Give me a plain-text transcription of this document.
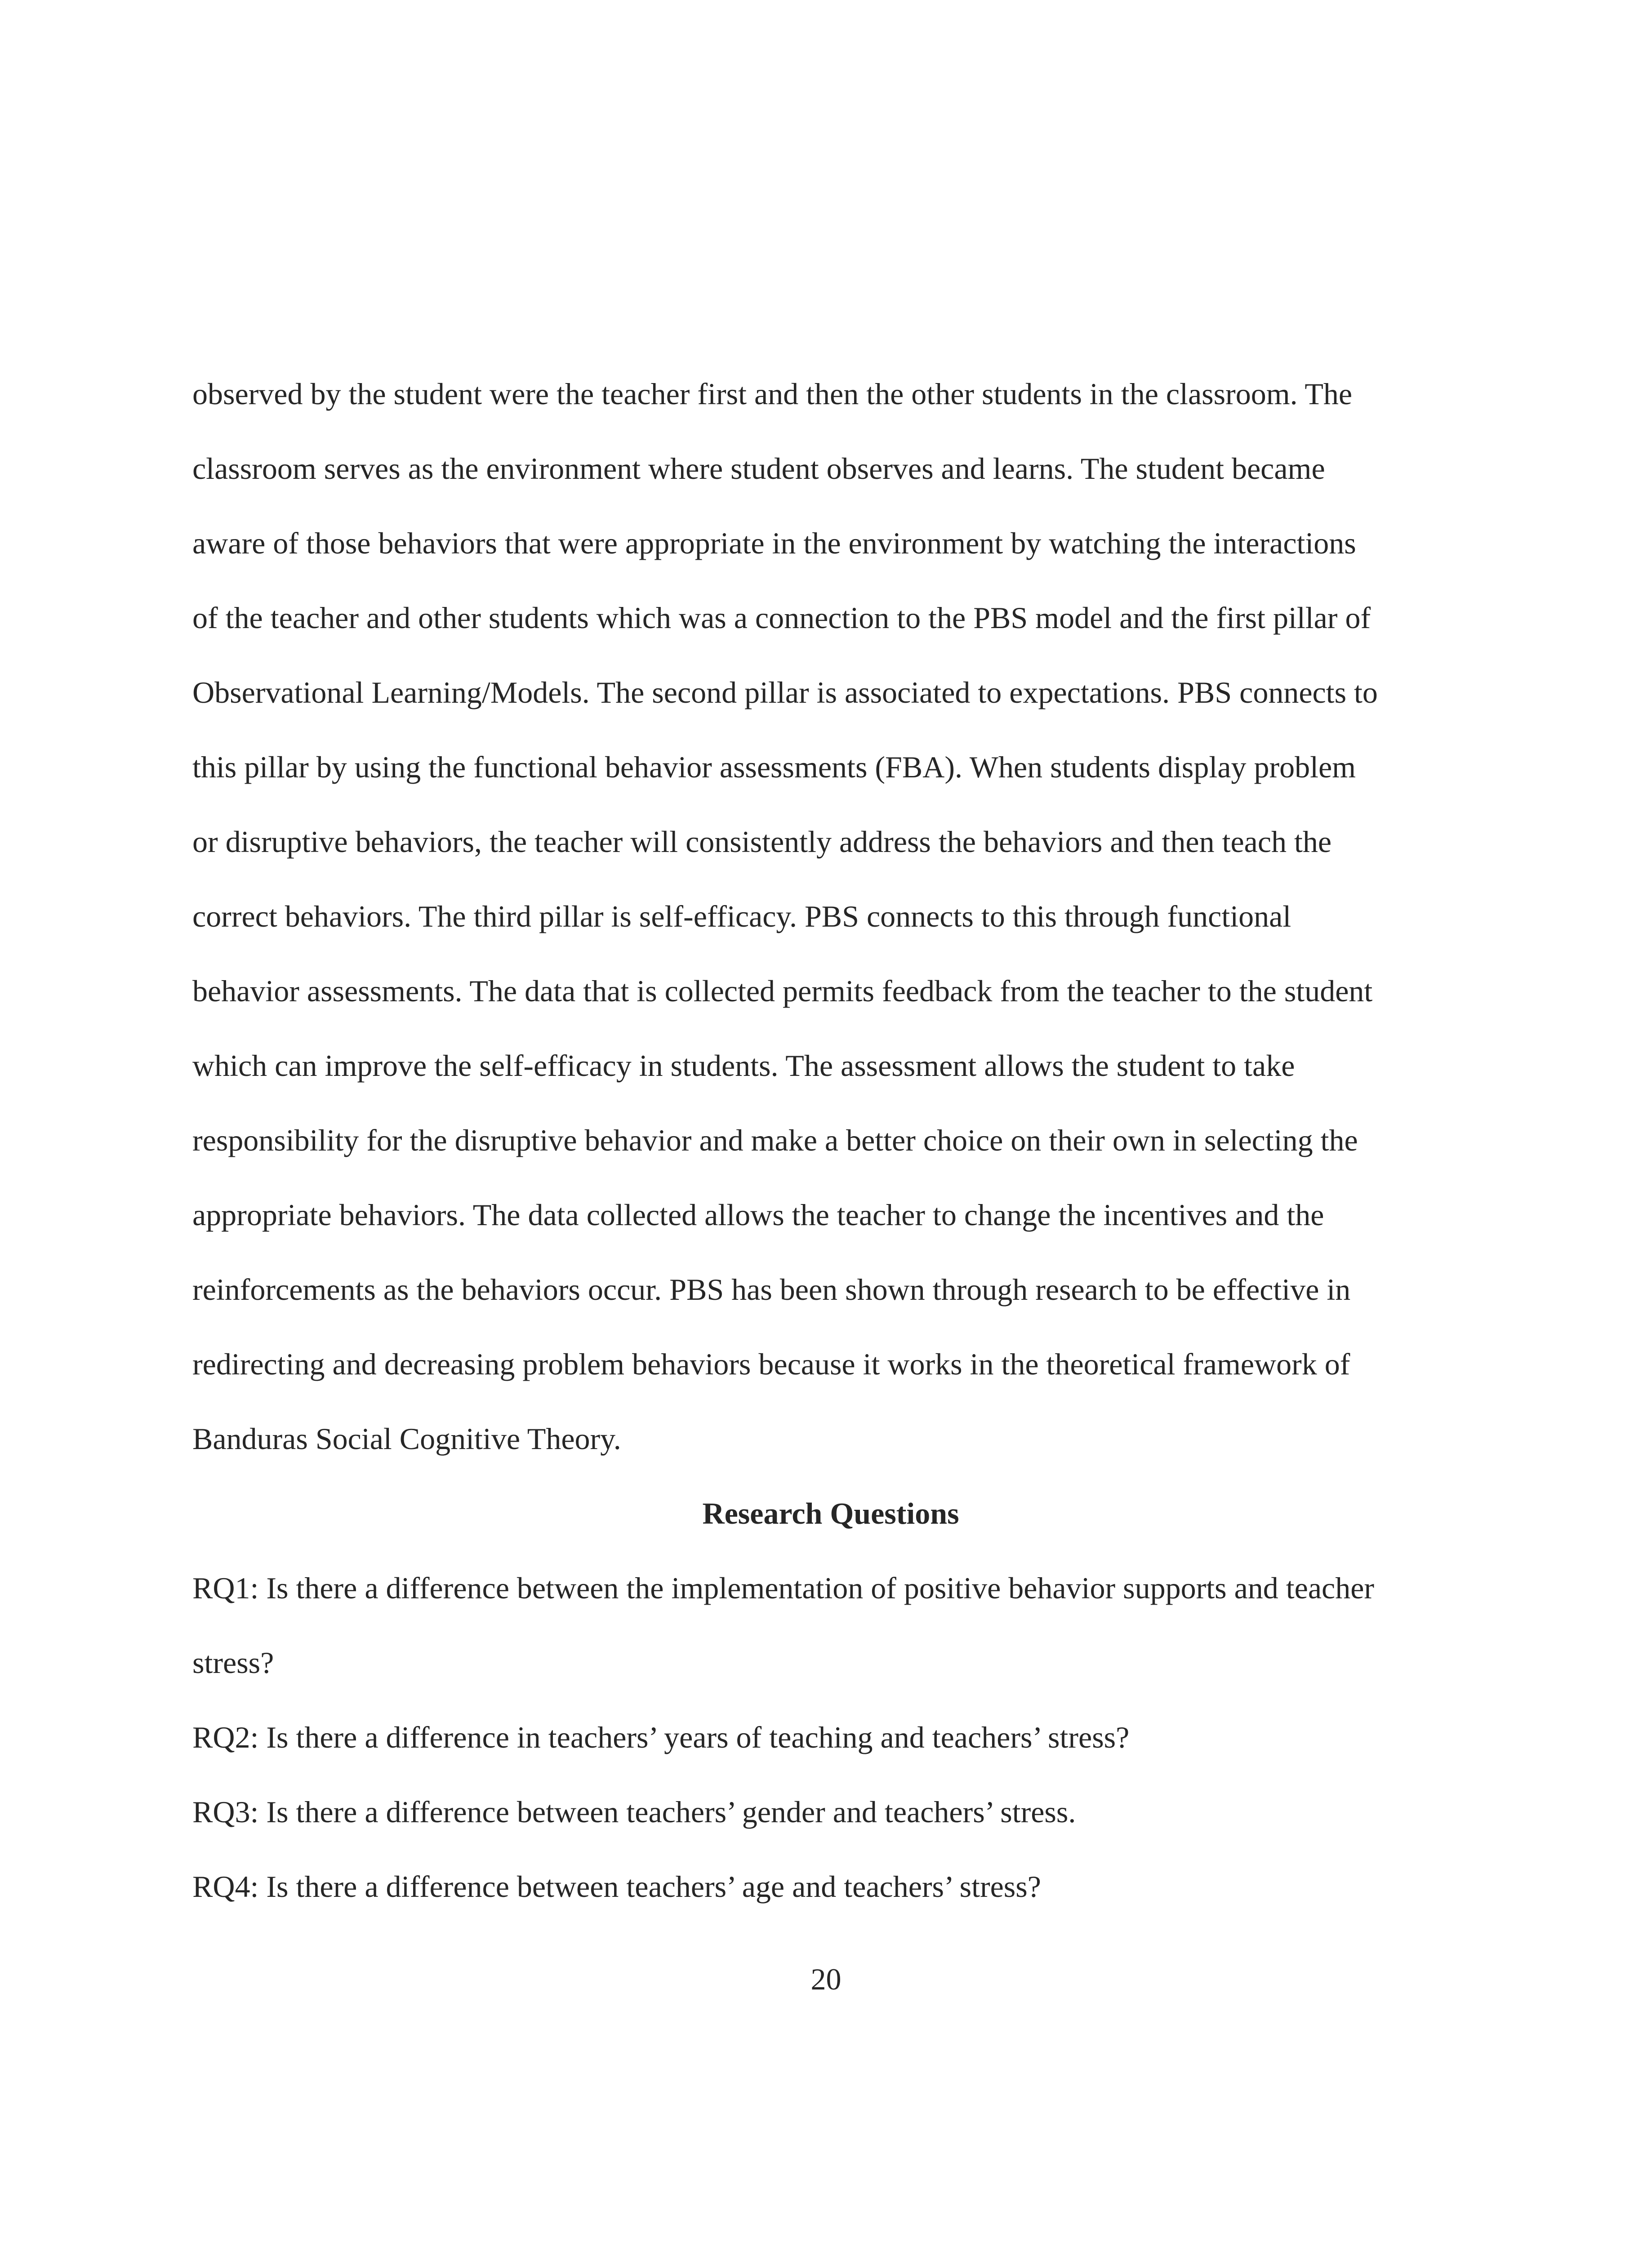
observed by the student were the teacher first and then the other students in the classroom. The
classroom serves as the environment where student observes and learns. The student became
aware of those behaviors that were appropriate in the environment by watching the interactions
of the teacher and other students which was a connection to the PBS model and the first pillar of
Observational Learning/Models. The second pillar is associated to expectations. PBS connects to
this pillar by using the functional behavior assessments (FBA). When students display problem
or disruptive behaviors, the teacher will consistently address the behaviors and then teach the
correct behaviors. The third pillar is self-efficacy. PBS connects to this through functional
behavior assessments. The data that is collected permits feedback from the teacher to the student
which can improve the self-efficacy in students. The assessment allows the student to take
responsibility for the disruptive behavior and make a better choice on their own in selecting the
appropriate behaviors. The data collected allows the teacher to change the incentives and the
reinforcements as the behaviors occur. PBS has been shown through research to be effective in
redirecting and decreasing problem behaviors because it works in the theoretical framework of
Banduras Social Cognitive Theory.
Research Questions
RQ1: Is there a difference between the implementation of positive behavior supports and teacher
stress?
RQ2: Is there a difference in teachers’ years of teaching and teachers’ stress?
RQ3: Is there a difference between teachers’ gender and teachers’ stress.
RQ4: Is there a difference between teachers’ age and teachers’ stress?
20
